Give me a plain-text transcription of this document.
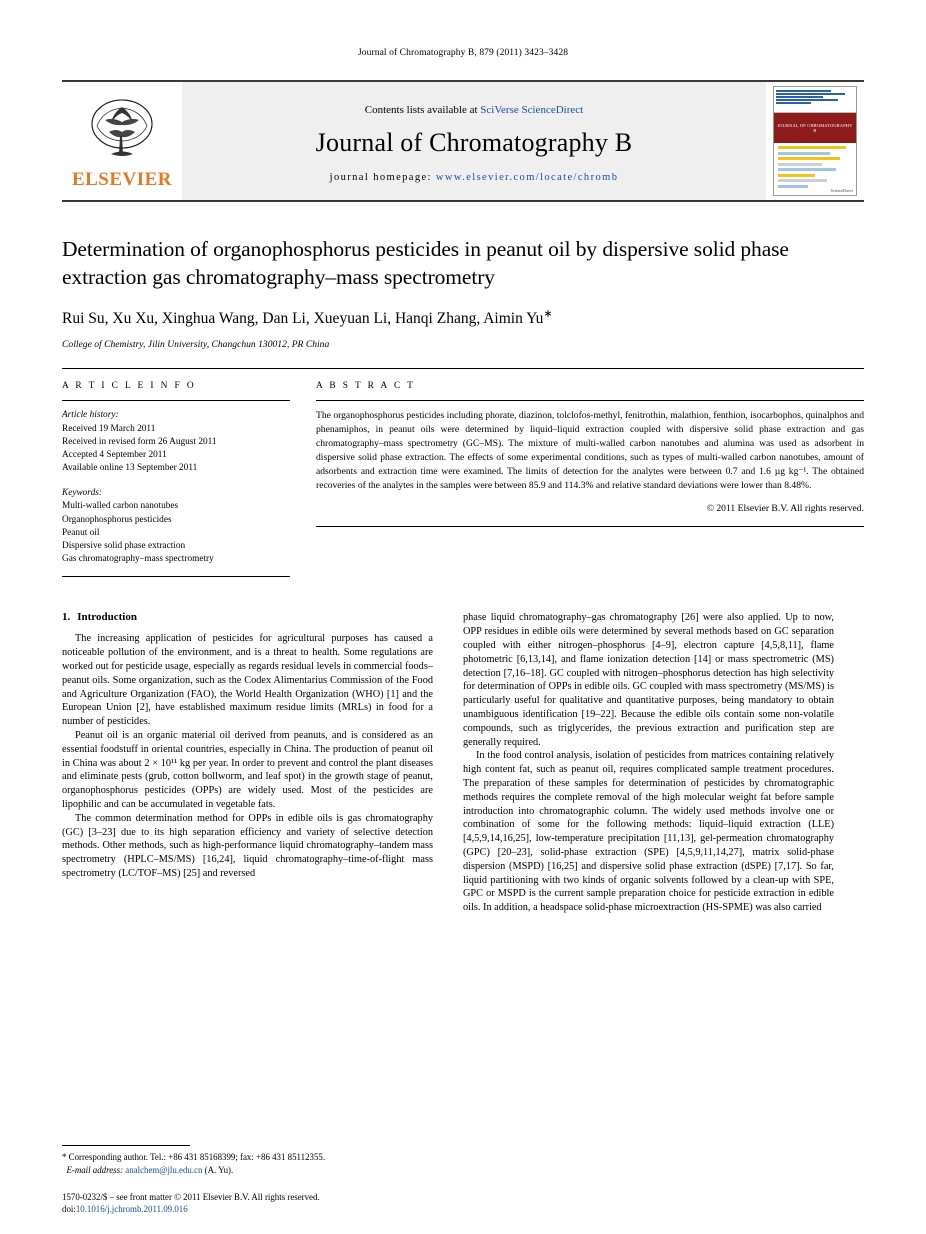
Journal of Chromatography B, 879 (2011) 3423–3428
ELSEVIER
Contents lists available at SciVerse ScienceDirect
Journal of Chromatography B
journal homepage: www.elsevier.com/locate/chromb
JOURNAL OF CHROMATOGRAPHY B
ScienceDirect
Determination of organophosphorus pesticides in peanut oil by dispersive solid phase extraction gas chromatography–mass spectrometry
Rui Su, Xu Xu, Xinghua Wang, Dan Li, Xueyuan Li, Hanqi Zhang, Aimin Yu∗
College of Chemistry, Jilin University, Changchun 130012, PR China
A R T I C L E I N F O
Article history:
Received 19 March 2011
Received in revised form 26 August 2011
Accepted 4 September 2011
Available online 13 September 2011
Keywords:
Multi-walled carbon nanotubes
Organophosphorus pesticides
Peanut oil
Dispersive solid phase extraction
Gas chromatography–mass spectrometry
A B S T R A C T
The organophosphorus pesticides including phorate, diazinon, tolclofos-methyl, fenitrothin, malathion, fenthion, isocarbophos, quinalphos and phenamiphos, in peanut oils were determined by liquid–liquid extraction coupled with dispersive solid phase extraction and gas chromatography–mass spectrometry (GC–MS). The mixture of multi-walled carbon nanotubes and alumina was used as adsorbent in dispersive solid phase extraction. The effects of some experimental conditions, such as types of multi-walled carbon nanotubes, amount of adsorbents and extraction time were examined. The limits of detection for the analytes were between 0.7 and 1.6 µg kg⁻¹. The obtained recoveries of the analytes in the samples were between 85.9 and 114.3% and relative standard deviations were lower than 8.48%.
© 2011 Elsevier B.V. All rights reserved.
1. Introduction

The increasing application of pesticides for agricultural purposes has caused a noticeable pollution of the environment, and is a threat to health. Some regulations are worked out for pesticide usage, especially as regards residual levels in commercial foods–peanut oils. Some organization, such as the Codex Alimentarius Commission of the Food and Agriculture Organization (FAO), the World Health Organization (WHO) [1] and the European Union [2], have established maximum residue limits (MRLs) in food for a number of pesticides.

Peanut oil is an organic material oil derived from peanuts, and is considered as an essential foodstuff in oriental countries, especially in China. The production of peanut oil in China was about 2 × 10¹¹ kg per year. In order to prevent and control the plant diseases and eliminate pests (grub, cotton bollworm, and leaf spot) in the growth stage of peanut, organophosphorus pesticides (OPPs) are widely used. Most of the pesticides are lipophilic and can be accumulated in vegetable fats.

The common determination method for OPPs in edible oils is gas chromatography (GC) [3–23] due to its high separation efficiency and variety of selective detection methods. Other methods, such as high-performance liquid chromatography–tandem mass spectrometry (HPLC–MS/MS) [16,24], liquid chromatography–time-of-flight mass spectrometry (LC/TOF–MS) [25] and reversed

phase liquid chromatography–gas chromatography [26] were also applied. Up to now, OPP residues in edible oils were determined by several methods based on GC separation coupled with either nitrogen–phosphorus [4–9], electron capture [4,5,8,11], flame photometric [6,13,14], and flame ionization detection [14] or mass spectrometric (MS) detection [7,16–18]. GC coupled with nitrogen–phosphorus detection has high selectivity for determination of OPPs in edible oils. GC coupled with mass spectrometry (MS/MS) is particularly useful for qualitative and quantitative purposes, being mandatory to obtain unambiguous identification [19–22]. Because the edible oils contain some non-volatile compounds, such as triglycerides, the previous extraction and purification step are generally required.

In the food control analysis, isolation of pesticides from matrices containing relatively high content fat, such as peanut oil, requires complicated sample treatment procedures. The preparation of these samples for determination of pesticides by chromatographic methods requires the complete removal of the high molecular weight fat before sample introduction into chromatographic column. The widely used methods involve one or combination of some for the following methods: liquid–liquid extraction (LLE) [4,5,9,14,16,25], low-temperature precipitation [11,13], gel-permeation chromatography (GPC) [20–23], solid-phase extraction (SPE) [4,5,9,11,14,27], matrix solid-phase dispersion (MSPD) [16,25] and dispersive solid phase extraction (dSPE) [7,17]. So far, liquid partitioning with two kinds of organic solvents followed by a clean-up with SPE, GPC or MSPD is the current sample preparation choice for pesticide extraction in edible oils. In addition, a headspace solid-phase microextraction (HS-SPME) was also carried

* Corresponding author. Tel.: +86 431 85168399; fax: +86 431 85112355.
E-mail address: analchem@jlu.edu.cn (A. Yu).
1570-0232/$ – see front matter © 2011 Elsevier B.V. All rights reserved.
doi:10.1016/j.jchromb.2011.09.016
